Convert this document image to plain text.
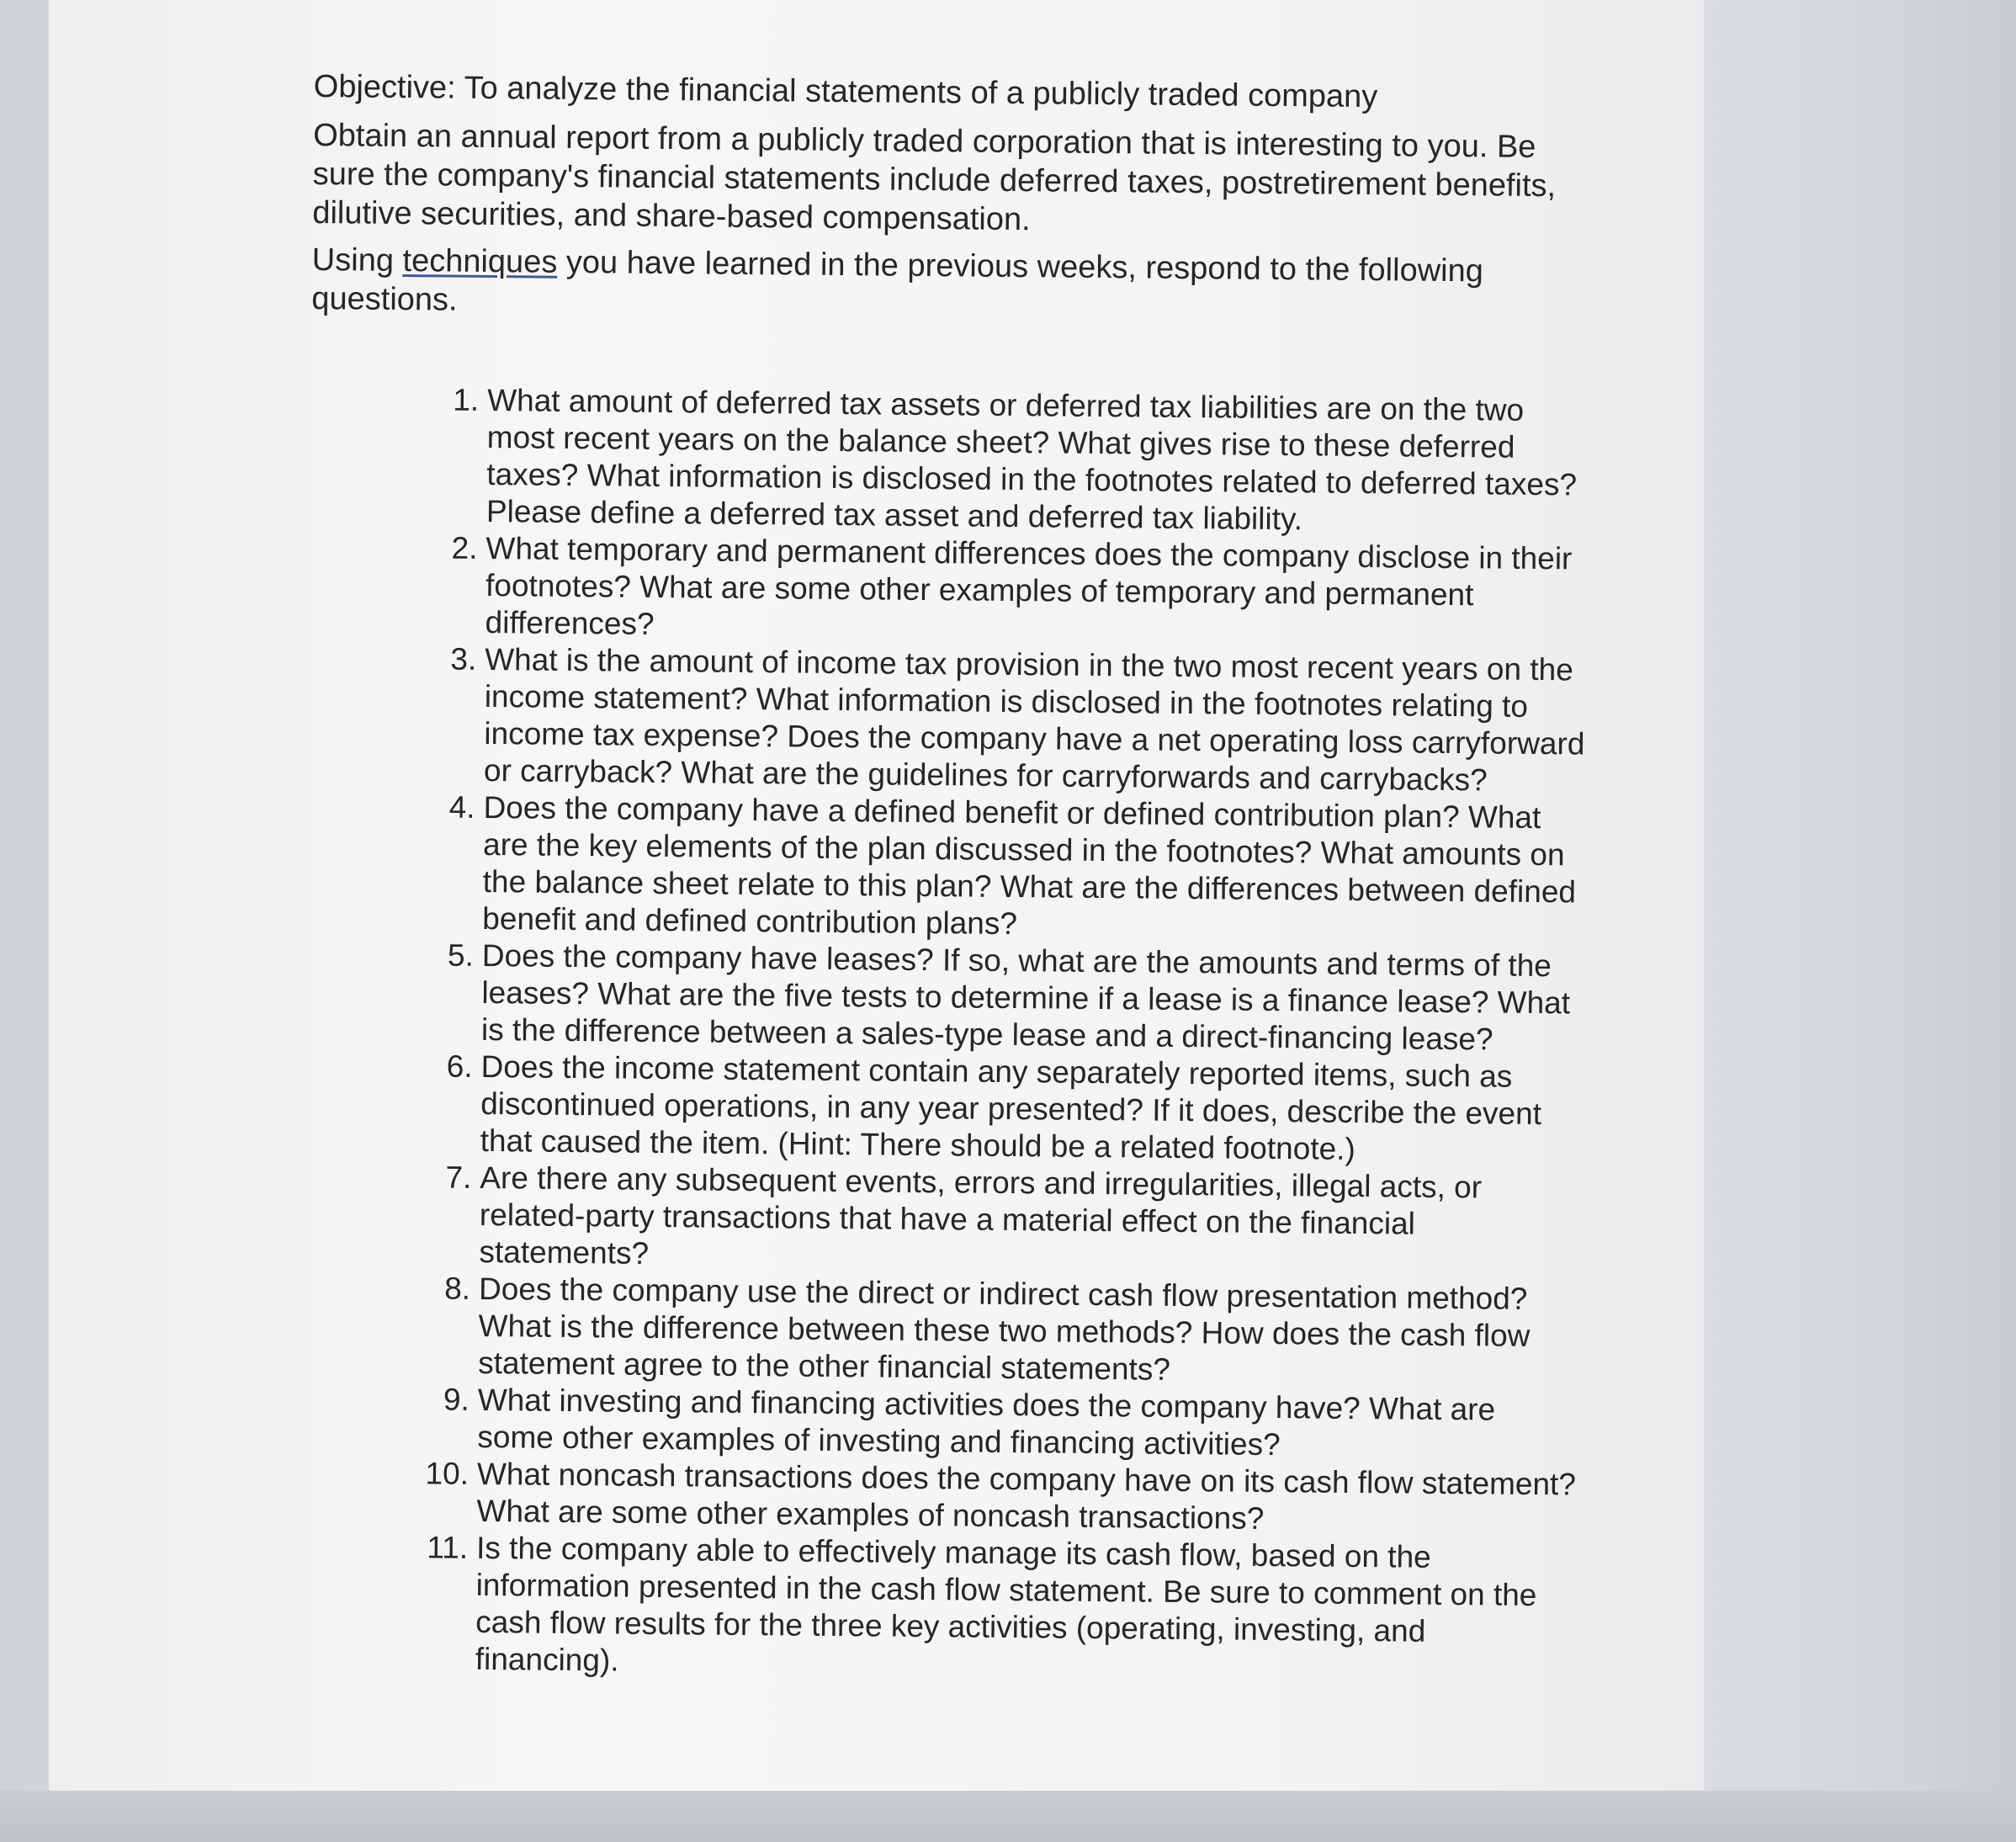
Objective: To analyze the financial statements of a publicly traded company

Obtain an annual report from a publicly traded corporation that is interesting to you. Be sure the company's financial statements include deferred taxes, postretirement benefits, dilutive securities, and share-based compensation.

Using techniques you have learned in the previous weeks, respond to the following questions.

1. What amount of deferred tax assets or deferred tax liabilities are on the two most recent years on the balance sheet? What gives rise to these deferred taxes? What information is disclosed in the footnotes related to deferred taxes? Please define a deferred tax asset and deferred tax liability.
2. What temporary and permanent differences does the company disclose in their footnotes? What are some other examples of temporary and permanent differences?
3. What is the amount of income tax provision in the two most recent years on the income statement? What information is disclosed in the footnotes relating to income tax expense? Does the company have a net operating loss carryforward or carryback? What are the guidelines for carryforwards and carrybacks?
4. Does the company have a defined benefit or defined contribution plan? What are the key elements of the plan discussed in the footnotes? What amounts on the balance sheet relate to this plan? What are the differences between defined benefit and defined contribution plans?
5. Does the company have leases? If so, what are the amounts and terms of the leases? What are the five tests to determine if a lease is a finance lease? What is the difference between a sales-type lease and a direct-financing lease?
6. Does the income statement contain any separately reported items, such as discontinued operations, in any year presented? If it does, describe the event that caused the item. (Hint: There should be a related footnote.)
7. Are there any subsequent events, errors and irregularities, illegal acts, or related-party transactions that have a material effect on the financial statements?
8. Does the company use the direct or indirect cash flow presentation method? What is the difference between these two methods? How does the cash flow statement agree to the other financial statements?
9. What investing and financing activities does the company have? What are some other examples of investing and financing activities?
10. What noncash transactions does the company have on its cash flow statement? What are some other examples of noncash transactions?
11. Is the company able to effectively manage its cash flow, based on the information presented in the cash flow statement. Be sure to comment on the cash flow results for the three key activities (operating, investing, and financing).
